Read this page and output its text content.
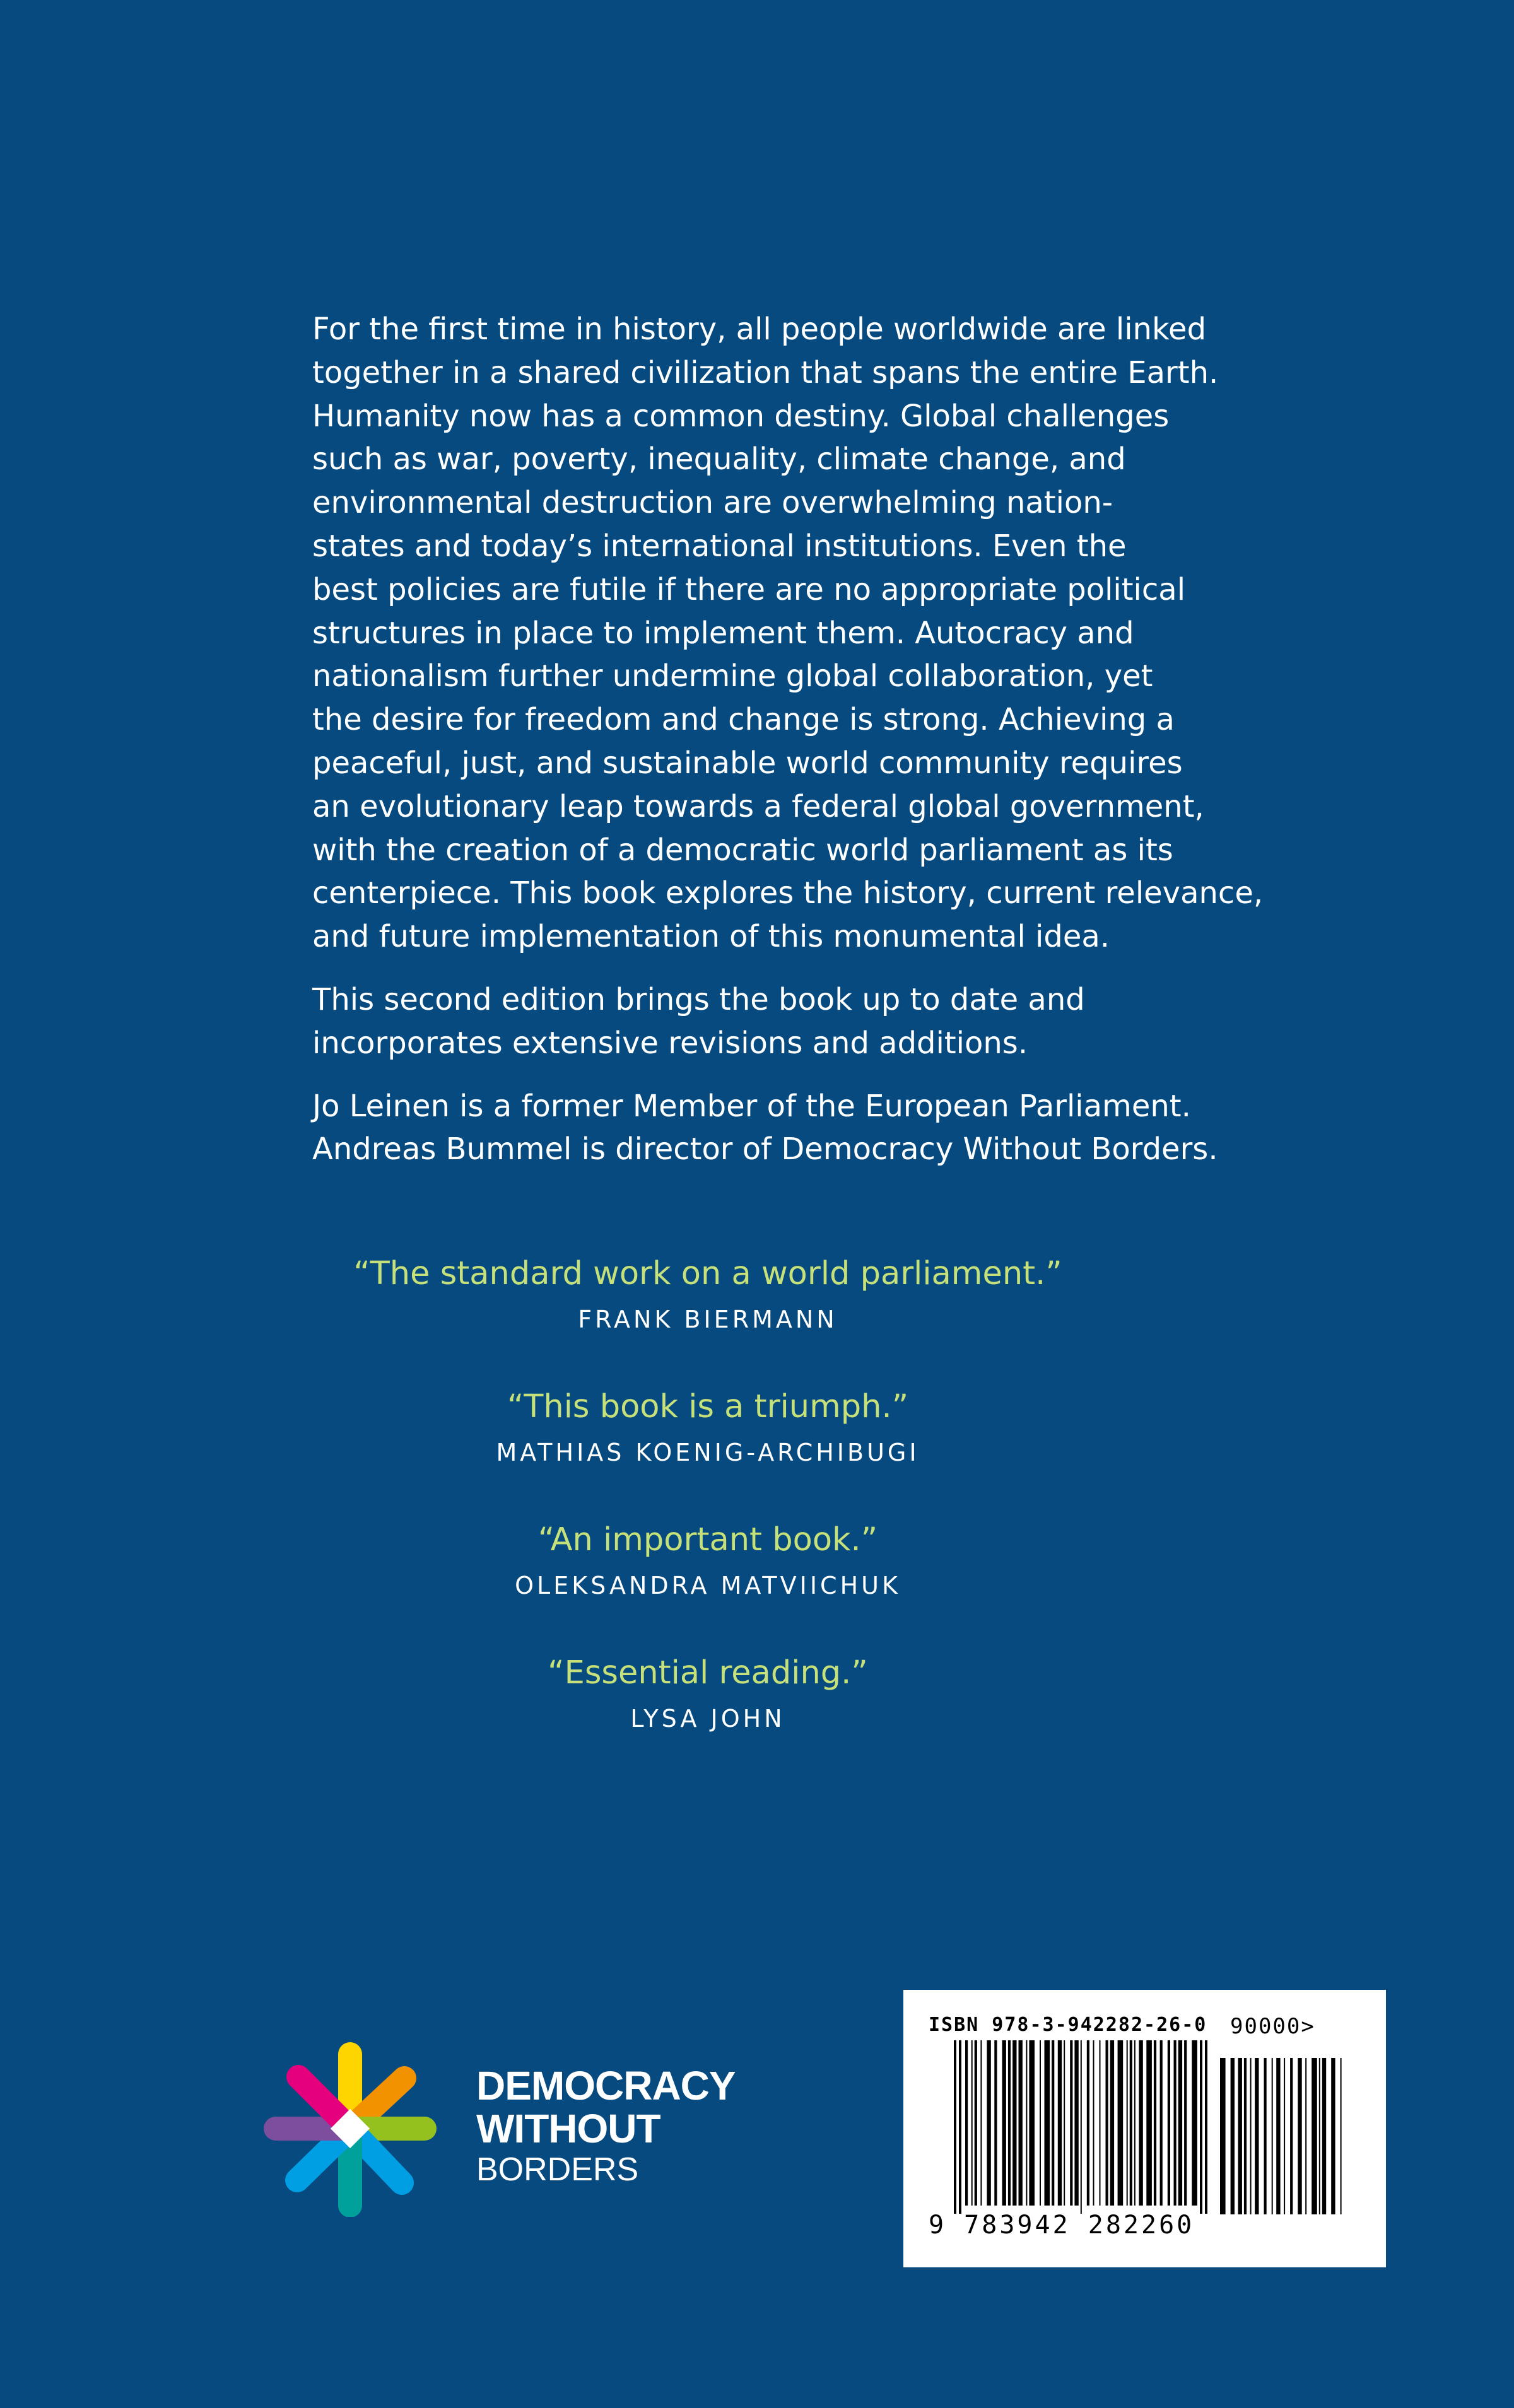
For the first time in history, all people worldwide are linked
together in a shared civilization that spans the entire Earth.
Humanity now has a common destiny. Global challenges
such as war, poverty, inequality, climate change, and
environmental destruction are overwhelming nation-
states and today’s international institutions. Even the
best policies are futile if there are no appropriate political
structures in place to implement them. Autocracy and
nationalism further undermine global collaboration, yet
the desire for freedom and change is strong. Achieving a
peaceful, just, and sustainable world community requires
an evolutionary leap towards a federal global government,
with the creation of a democratic world parliament as its
centerpiece. This book explores the history, current relevance,
and future implementation of this monumental idea.

This second edition brings the book up to date and
incorporates extensive revisions and additions.

Jo Leinen is a former Member of the European Parliament.
Andreas Bummel is director of Democracy Without Borders.

“The standard work on a world parliament.”
FRANK BIERMANN
“This book is a triumph.”
MATHIAS KOENIG-ARCHIBUGI
“An important book.”
OLEKSANDRA MATVIICHUK
“Essential reading.”
LYSA JOHN
DEMOCRACY
WITHOUT
BORDERS
ISBN 978-3-942282-26-0 90000>
9 783942 282260
